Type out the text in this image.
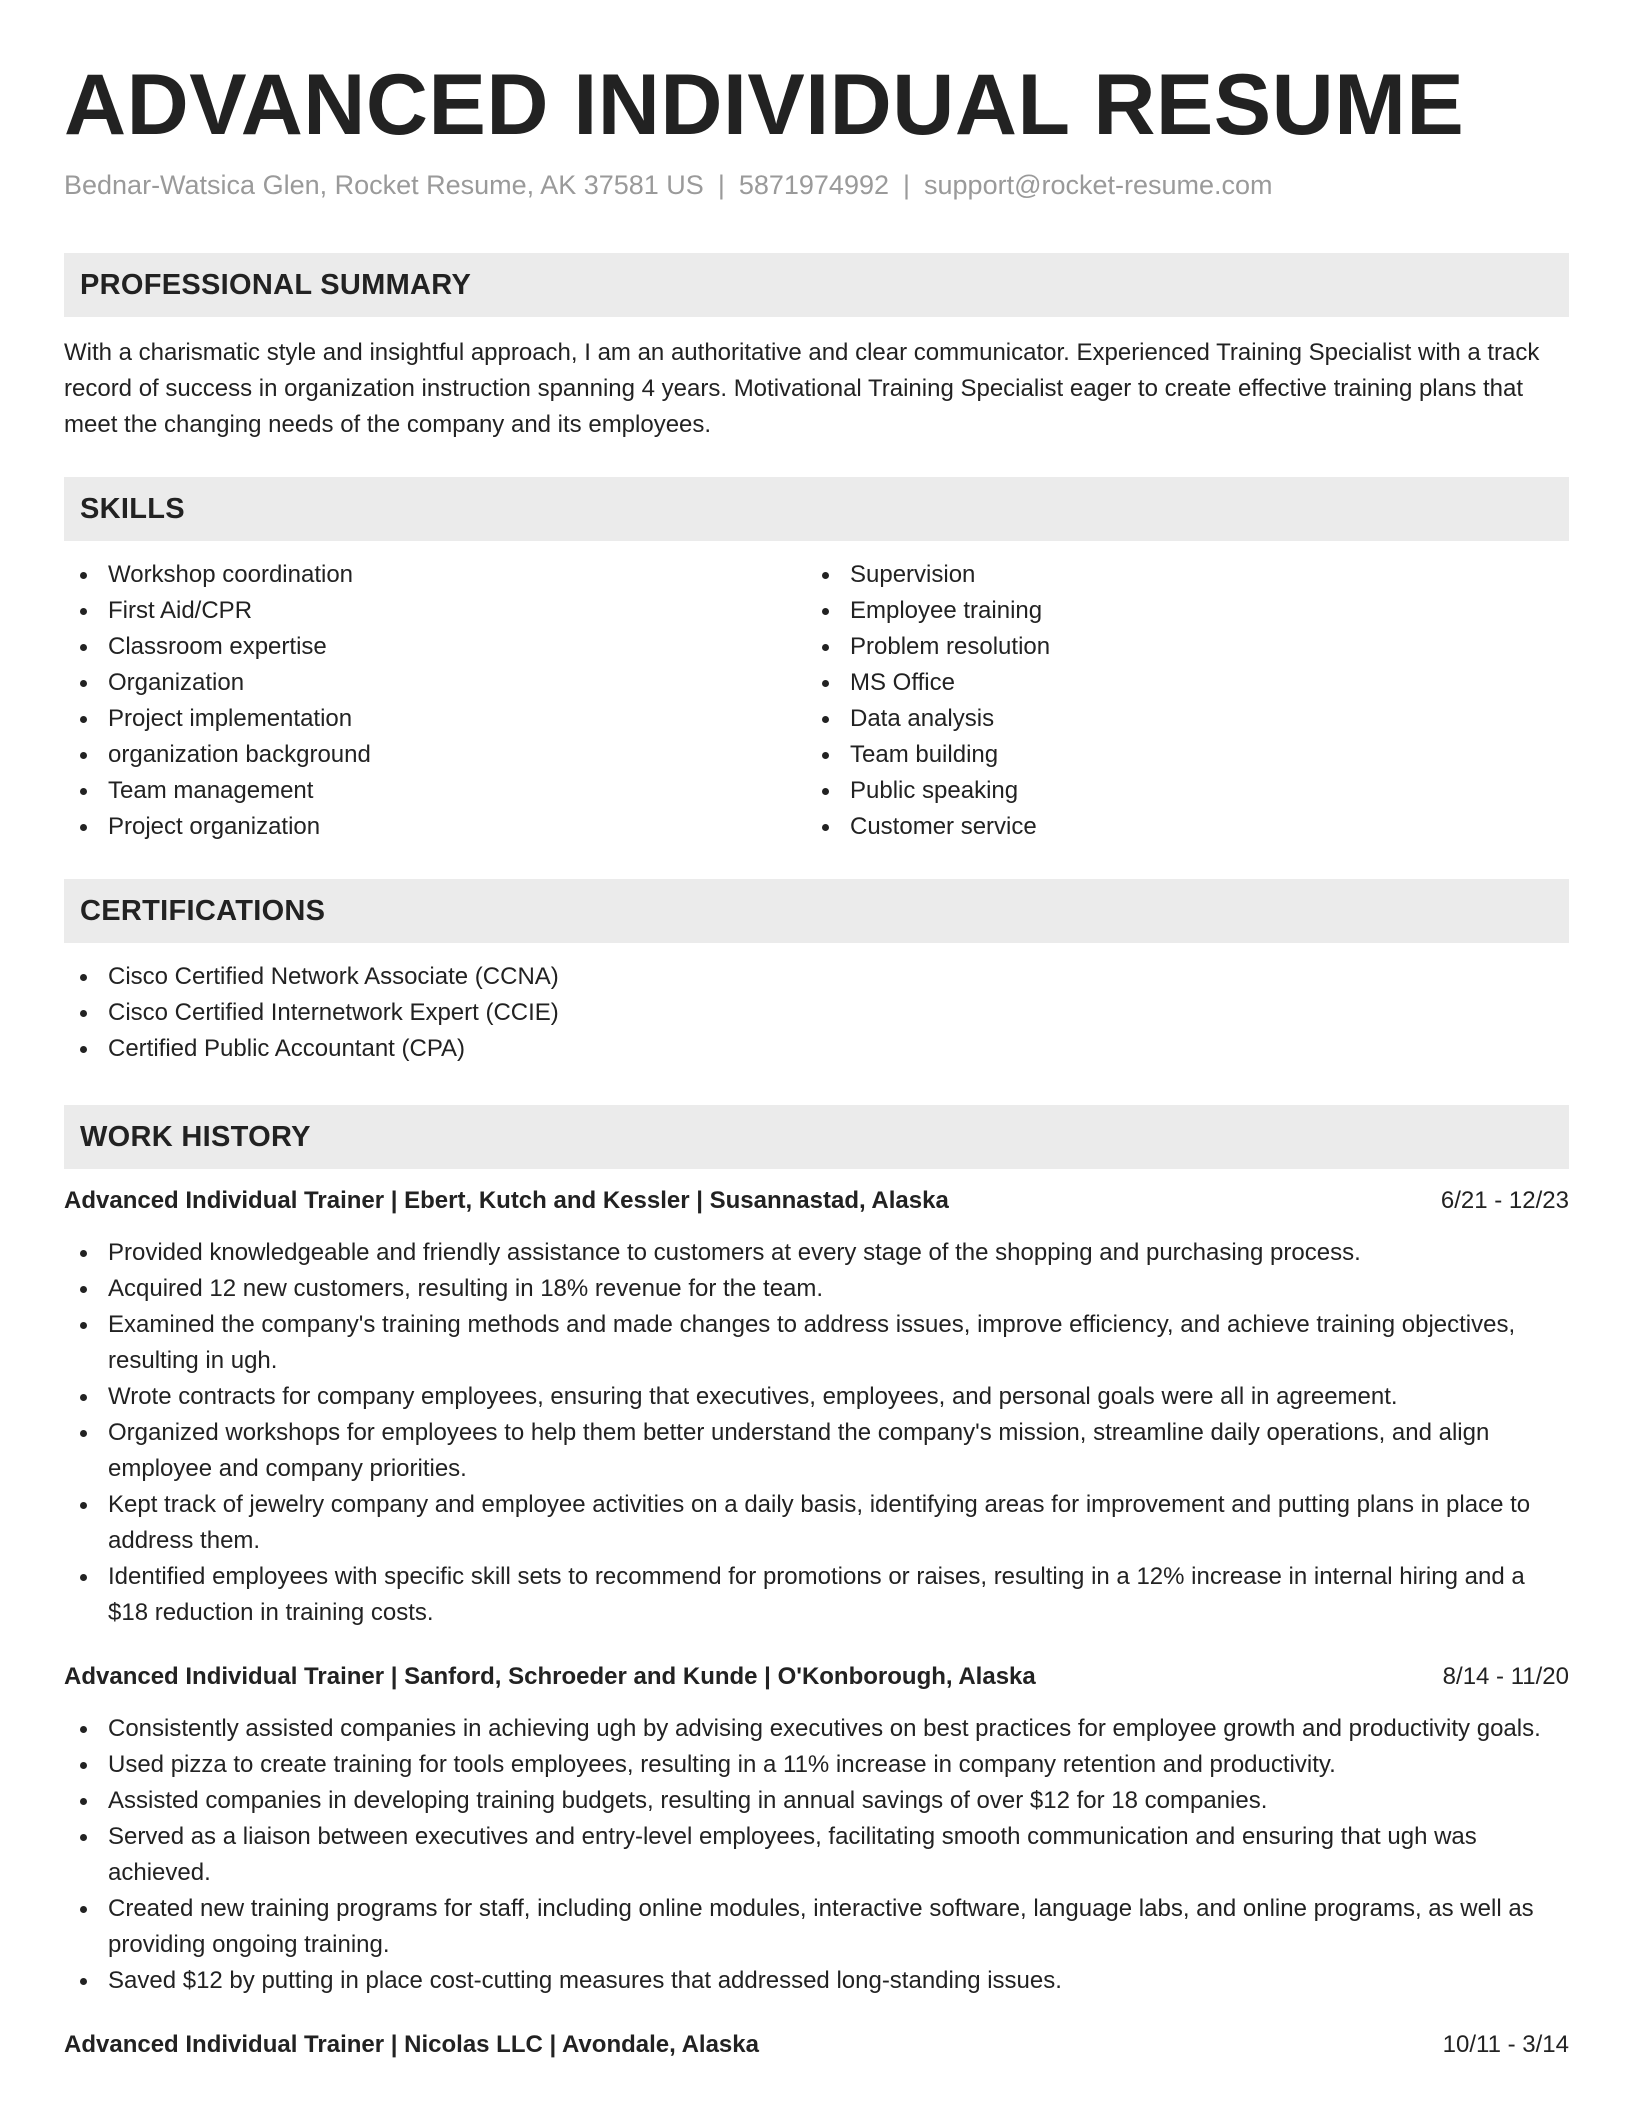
ADVANCED INDIVIDUAL RESUME
Bednar-Watsica Glen, Rocket Resume, AK 37581 US | 5871974992 | support@rocket-resume.com
PROFESSIONAL SUMMARY

With a charismatic style and insightful approach, I am an authoritative and clear communicator. Experienced Training Specialist with a track record of success in organization instruction spanning 4 years. Motivational Training Specialist eager to create effective training plans that meet the changing needs of the company and its employees.

SKILLS
Workshop coordination
First Aid/CPR
Classroom expertise
Organization
Project implementation
organization background
Team management
Project organization
Supervision
Employee training
Problem resolution
MS Office
Data analysis
Team building
Public speaking
Customer service
CERTIFICATIONS
Cisco Certified Network Associate (CCNA)
Cisco Certified Internetwork Expert (CCIE)
Certified Public Accountant (CPA)
WORK HISTORY
Advanced Individual Trainer | Ebert, Kutch and Kessler | Susannastad, Alaska	6/21 - 12/23
Provided knowledgeable and friendly assistance to customers at every stage of the shopping and purchasing process.
Acquired 12 new customers, resulting in 18% revenue for the team.
Examined the company's training methods and made changes to address issues, improve efficiency, and achieve training objectives, resulting in ugh.
Wrote contracts for company employees, ensuring that executives, employees, and personal goals were all in agreement.
Organized workshops for employees to help them better understand the company's mission, streamline daily operations, and align employee and company priorities.
Kept track of jewelry company and employee activities on a daily basis, identifying areas for improvement and putting plans in place to address them.
Identified employees with specific skill sets to recommend for promotions or raises, resulting in a 12% increase in internal hiring and a $18 reduction in training costs.
Advanced Individual Trainer | Sanford, Schroeder and Kunde | O'Konborough, Alaska	8/14 - 11/20
Consistently assisted companies in achieving ugh by advising executives on best practices for employee growth and productivity goals.
Used pizza to create training for tools employees, resulting in a 11% increase in company retention and productivity.
Assisted companies in developing training budgets, resulting in annual savings of over $12 for 18 companies.
Served as a liaison between executives and entry-level employees, facilitating smooth communication and ensuring that ugh was achieved.
Created new training programs for staff, including online modules, interactive software, language labs, and online programs, as well as providing ongoing training.
Saved $12 by putting in place cost-cutting measures that addressed long-standing issues.
Advanced Individual Trainer | Nicolas LLC | Avondale, Alaska	10/11 - 3/14
